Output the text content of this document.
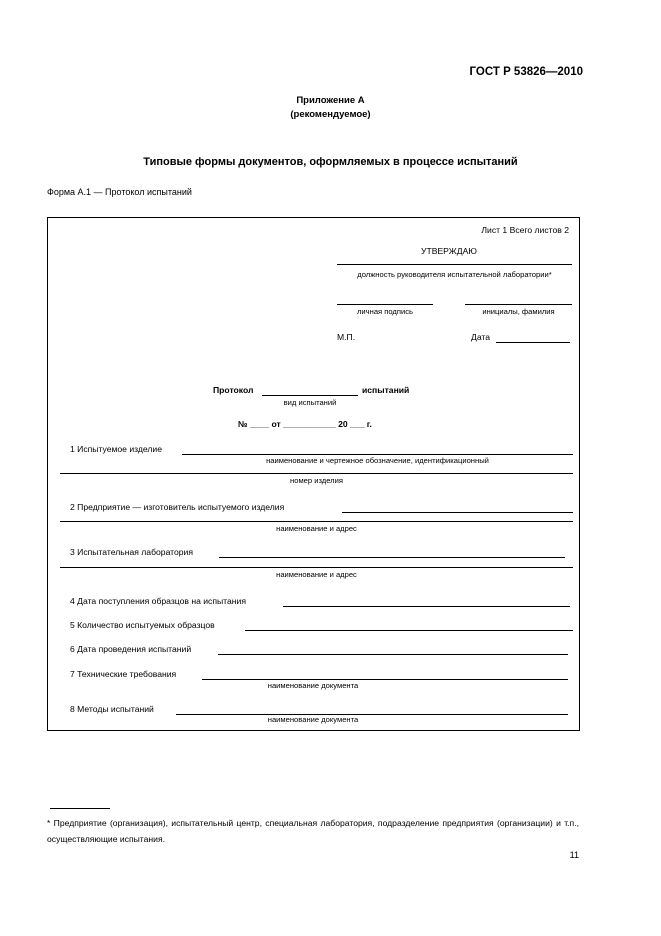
ГОСТ Р 53826—2010
Приложение А
(рекомендуемое)
Типовые формы документов, оформляемых в процессе испытаний
Форма А.1 — Протокол испытаний
Лист 1 Всего листов 2
УТВЕРЖДАЮ
должность руководителя испытательной лаборатории*
личная подпись	инициалы, фамилия
М.П.	Дата
Протокол	испытаний
вид испытаний
№ ____ от ___________ 20 ___ г.
1 Испытуемое изделие
наименование и чертежное обозначение, идентификационный
номер изделия
2 Предприятие — изготовитель испытуемого изделия
наименование и адрес
3 Испытательная лаборатория
наименование и адрес
4 Дата поступления образцов на испытания
5 Количество испытуемых образцов
6 Дата проведения испытаний
7 Технические требования
наименование документа
8 Методы испытаний
наименование документа
* Предприятие (организация), испытательный центр, специальная лаборатория, подразделение предприятия (организации) и т.п., осуществляющие испытания.
11
